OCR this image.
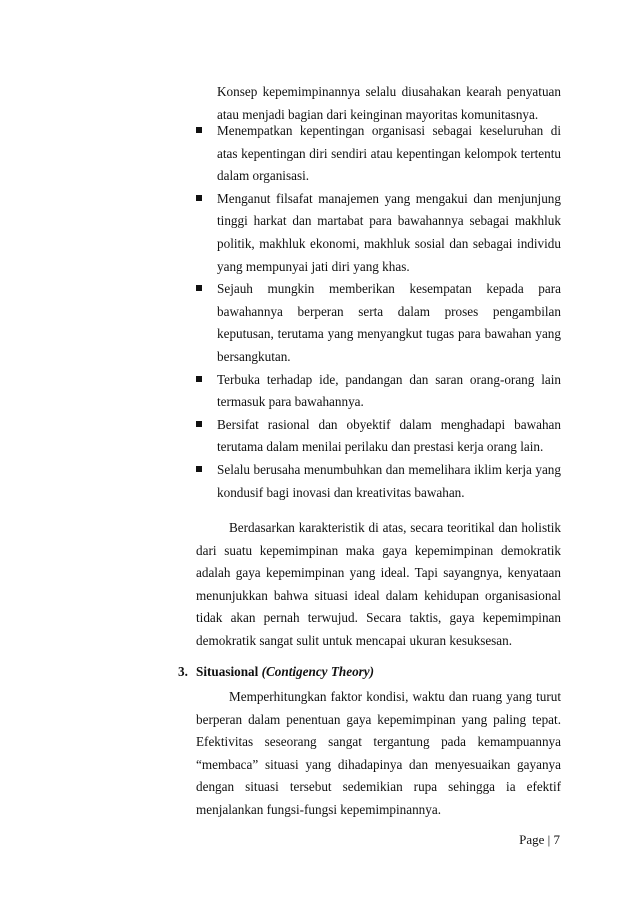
Konsep kepemimpinannya selalu diusahakan kearah penyatuan atau menjadi bagian dari keinginan mayoritas komunitasnya.
Menempatkan kepentingan organisasi sebagai keseluruhan di atas kepentingan diri sendiri atau kepentingan kelompok tertentu dalam organisasi.
Menganut filsafat manajemen yang mengakui dan menjunjung tinggi harkat dan martabat para bawahannya sebagai makhluk politik, makhluk ekonomi, makhluk sosial dan sebagai individu yang mempunyai jati diri yang khas.
Sejauh mungkin memberikan kesempatan kepada para bawahannya berperan serta dalam proses pengambilan keputusan, terutama yang menyangkut tugas para bawahan yang bersangkutan.
Terbuka terhadap ide, pandangan dan saran orang-orang lain termasuk para bawahannya.
Bersifat rasional dan obyektif dalam menghadapi bawahan terutama dalam menilai perilaku dan prestasi kerja orang lain.
Selalu berusaha menumbuhkan dan memelihara iklim kerja yang kondusif bagi inovasi dan kreativitas bawahan.

Berdasarkan karakteristik di atas, secara teoritikal dan holistik dari suatu kepemimpinan maka gaya kepemimpinan demokratik adalah gaya kepemimpinan yang ideal. Tapi sayangnya, kenyataan menunjukkan bahwa situasi ideal dalam kehidupan organisasional tidak akan pernah terwujud. Secara taktis, gaya kepemimpinan demokratik sangat sulit untuk mencapai ukuran kesuksesan.

3. Situasional (Contigency Theory)

Memperhitungkan faktor kondisi, waktu dan ruang yang turut berperan dalam penentuan gaya kepemimpinan yang paling tepat. Efektivitas seseorang sangat tergantung pada kemampuannya “membaca” situasi yang dihadapinya dan menyesuaikan gayanya dengan situasi tersebut sedemikian rupa sehingga ia efektif menjalankan fungsi-fungsi kepemimpinannya.

Page | 7
